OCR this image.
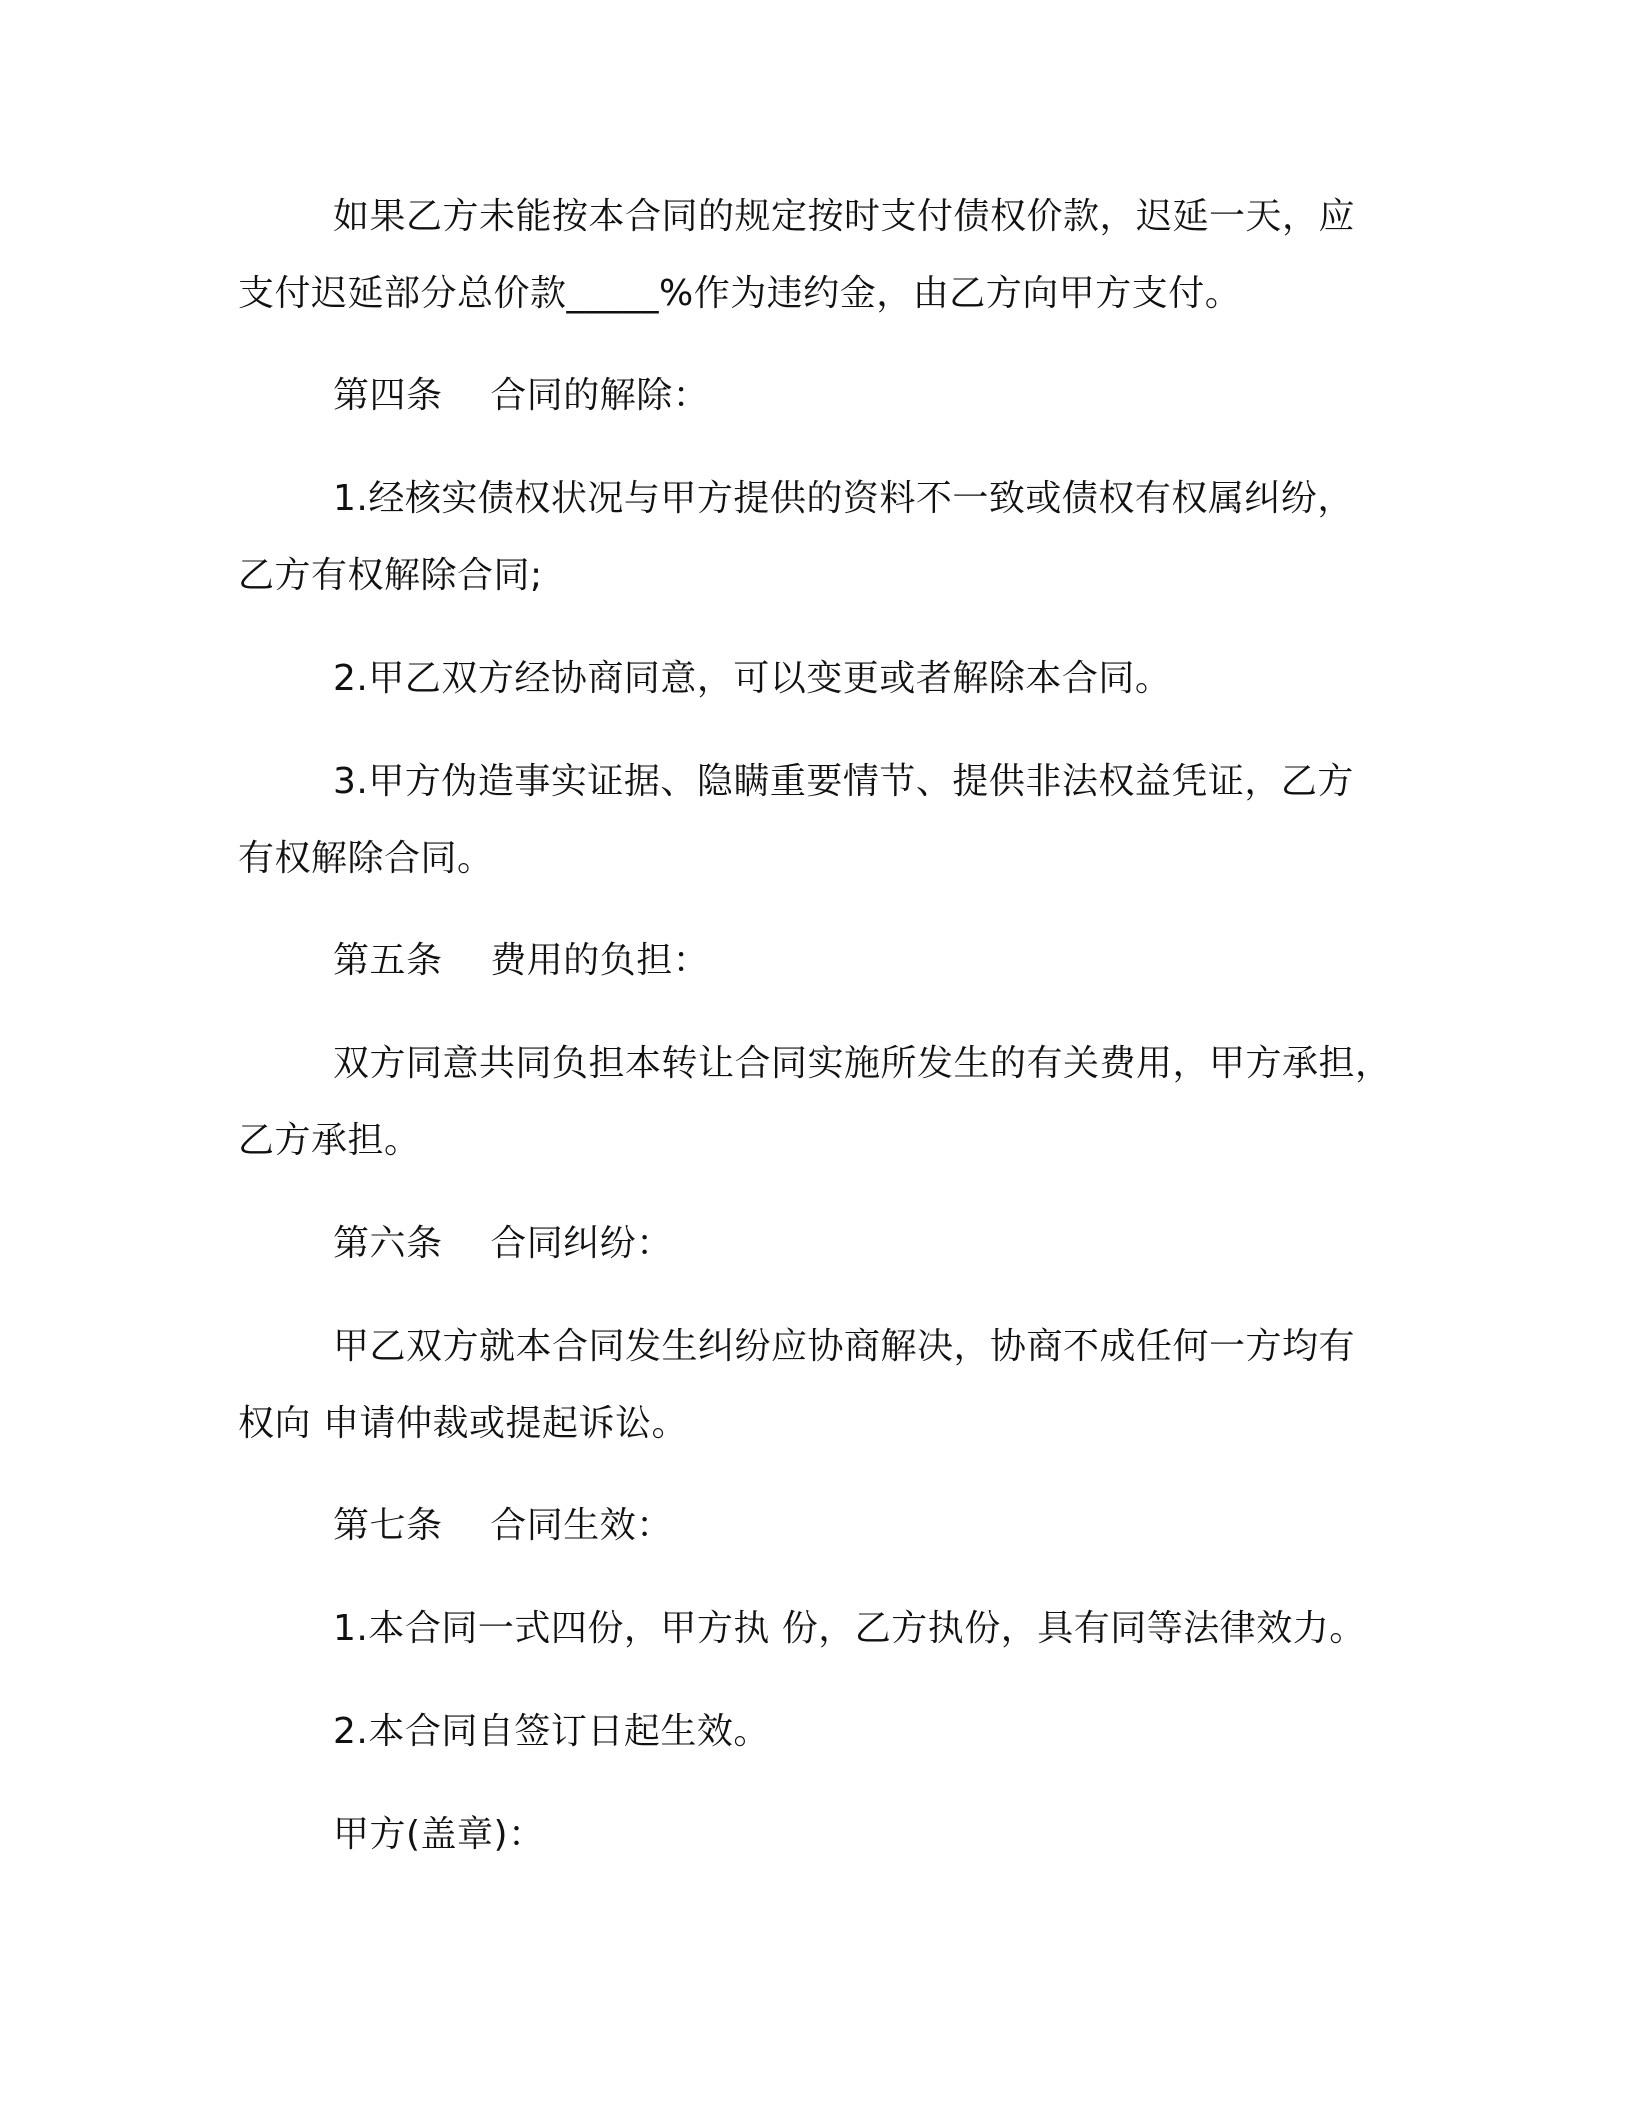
如果乙方未能按本合同的规定按时支付债权价款，迟延一天，应
支付迟延部分总价款_____%作为违约金，由乙方向甲方支付。
第四条    合同的解除：
1.经核实债权状况与甲方提供的资料不一致或债权有权属纠纷，
乙方有权解除合同;
2.甲乙双方经协商同意，可以变更或者解除本合同。
3.甲方伪造事实证据、隐瞒重要情节、提供非法权益凭证，乙方
有权解除合同。
第五条    费用的负担：
双方同意共同负担本转让合同实施所发生的有关费用，甲方承担，
乙方承担。
第六条    合同纠纷：
甲乙双方就本合同发生纠纷应协商解决，协商不成任何一方均有
权向 申请仲裁或提起诉讼。
第七条    合同生效：
1.本合同一式四份，甲方执 份，乙方执份，具有同等法律效力。
2.本合同自签订日起生效。
甲方(盖章)：
